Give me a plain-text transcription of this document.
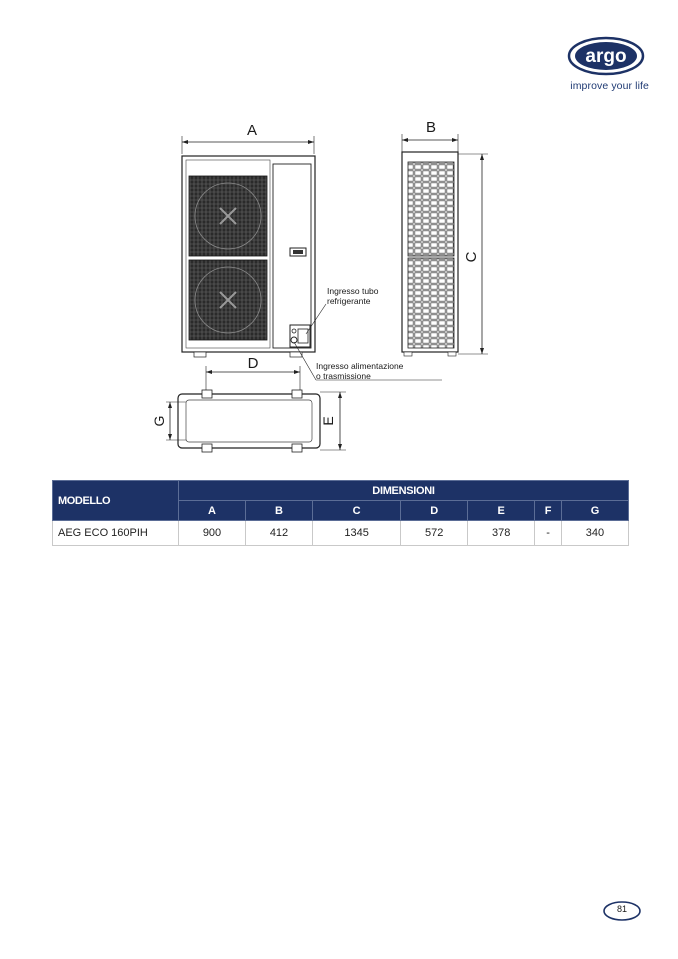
argo
improve your life
A
Ingresso tubo
refrigerante
Ingresso alimentazione
o trasmissione
D
G	E
B
C
MODELLO	DIMENSIONI						
	A	B	C	D	E	F	G
AEG ECO 160PIH	900	412	1345	572	378	-	340
81
